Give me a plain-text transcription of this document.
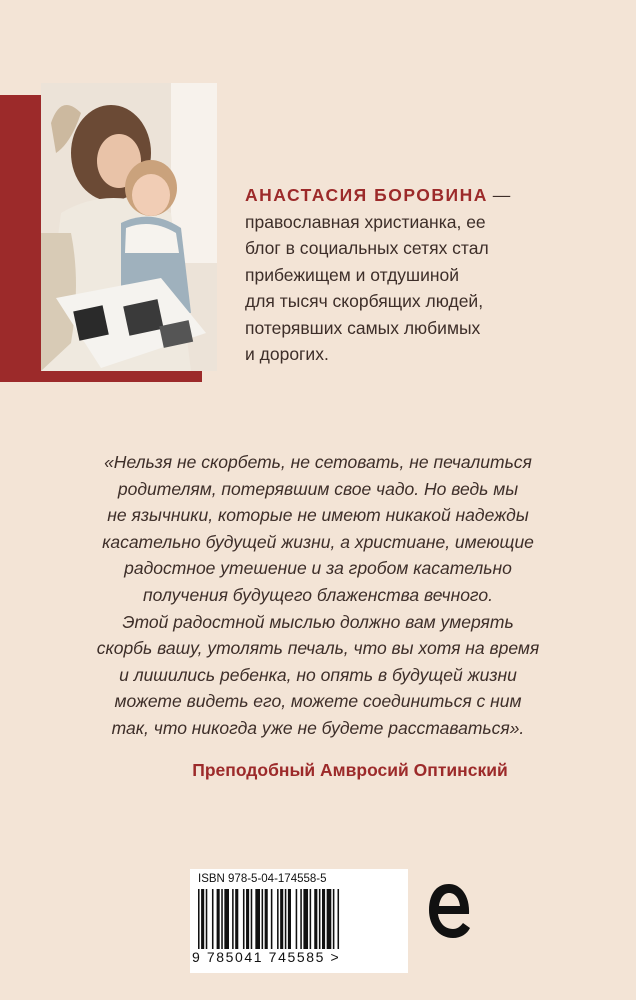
АНАСТАСИЯ БОРОВИНА —
православная христианка, ее
блог в социальных сетях стал
прибежищем и отдушиной
для тысяч скорбящих людей,
потерявших самых любимых
и дорогих.
«Нельзя не скорбеть, не сетовать, не печалиться
родителям, потерявшим свое чадо. Но ведь мы
не язычники, которые не имеют никакой надежды
касательно будущей жизни, а христиане, имеющие
радостное утешение и за гробом касательно
получения будущего блаженства вечного.
Этой радостной мыслью должно вам умерять
скорбь вашу, утолять печаль, что вы хотя на время
и лишились ребенка, но опять в будущей жизни
можете видеть его, можете соединиться с ним
так, что никогда уже не будете расставаться».
Преподобный Амвросий Оптинский
ISBN 978-5-04-174558-5
9 785041 745585 >
